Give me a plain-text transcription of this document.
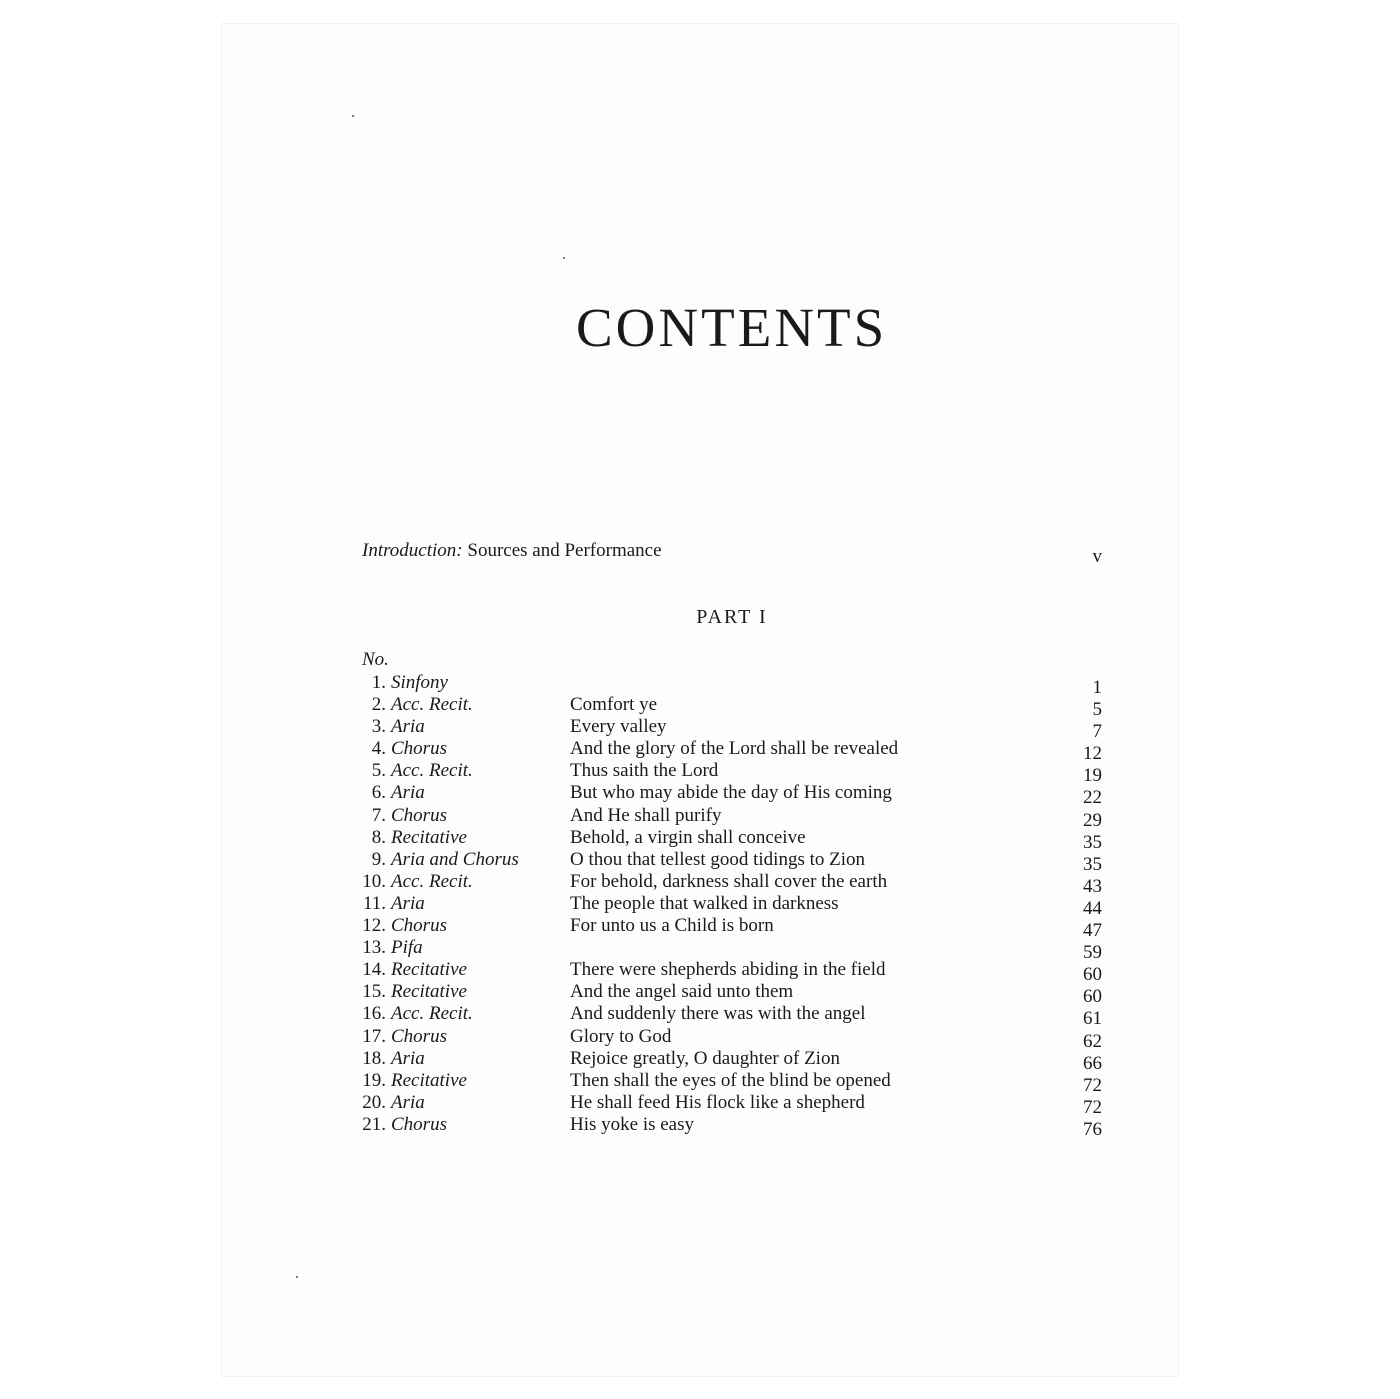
CONTENTS
Introduction: Sources and Performance	v
PART I
No.
1. Sinfony	1
2. Acc. Recit.	Comfort ye	5
3. Aria	Every valley	7
4. Chorus	And the glory of the Lord shall be revealed	12
5. Acc. Recit.	Thus saith the Lord	19
6. Aria	But who may abide the day of His coming	22
7. Chorus	And He shall purify	29
8. Recitative	Behold, a virgin shall conceive	35
9. Aria and Chorus	O thou that tellest good tidings to Zion	35
10. Acc. Recit.	For behold, darkness shall cover the earth	43
11. Aria	The people that walked in darkness	44
12. Chorus	For unto us a Child is born	47
13. Pifa	59
14. Recitative	There were shepherds abiding in the field	60
15. Recitative	And the angel said unto them	60
16. Acc. Recit.	And suddenly there was with the angel	61
17. Chorus	Glory to God	62
18. Aria	Rejoice greatly, O daughter of Zion	66
19. Recitative	Then shall the eyes of the blind be opened	72
20. Aria	He shall feed His flock like a shepherd	72
21. Chorus	His yoke is easy	76
